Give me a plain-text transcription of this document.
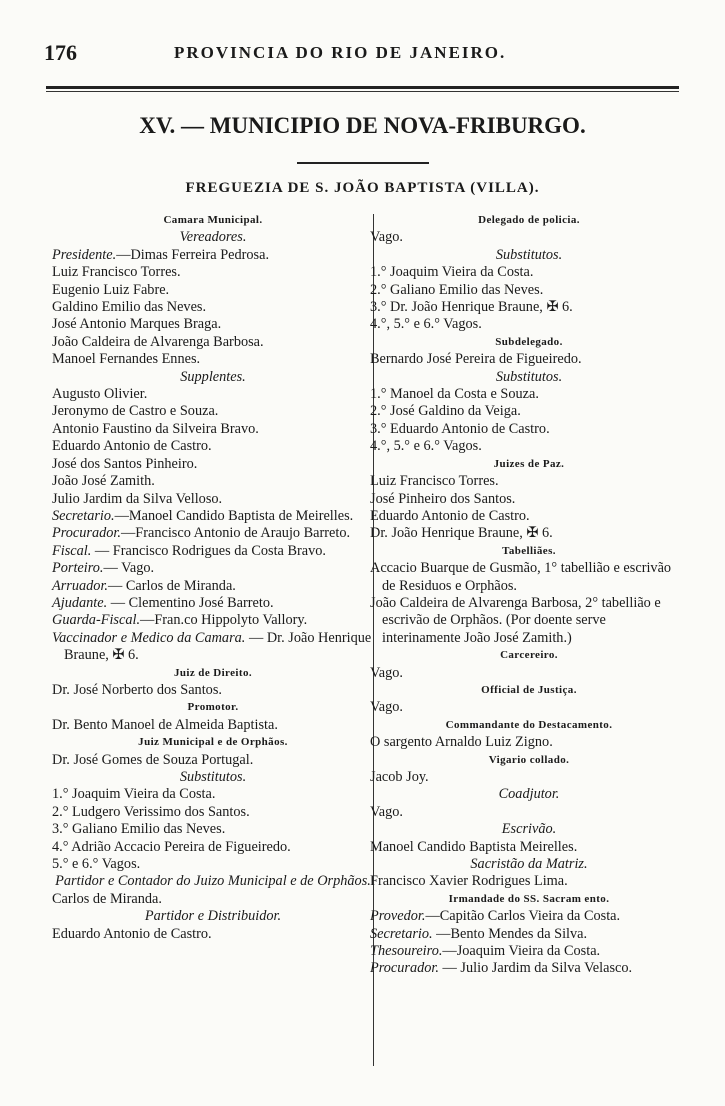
176	PROVINCIA DO RIO DE JANEIRO.
XV. — MUNICIPIO DE NOVA-FRIBURGO.
FREGUEZIA DE S. JOÃO BAPTISTA (VILLA).
Camara Municipal.
Vereadores.
Presidente.—Dimas Ferreira Pedrosa.
Luiz Francisco Torres.
Eugenio Luiz Fabre.
Galdino Emilio das Neves.
José Antonio Marques Braga.
João Caldeira de Alvarenga Barbosa.
Manoel Fernandes Ennes.
Supplentes.
Augusto Olivier.
Jeronymo de Castro e Souza.
Antonio Faustino da Silveira Bravo.
Eduardo Antonio de Castro.
José dos Santos Pinheiro.
João José Zamith.
Julio Jardim da Silva Velloso.
Secretario.—Manoel Candido Baptista de Meirelles.
Procurador.—Francisco Antonio de Araujo Barreto.
Fiscal. — Francisco Rodrigues da Costa Bravo.
Porteiro.— Vago.
Arruador.— Carlos de Miranda.
Ajudante. — Clementino José Barreto.
Guarda-Fiscal.—Fran.co Hippolyto Vallory.
Vaccinador e Medico da Camara. — Dr. João Henrique Braune, ✠ 6.
Juiz de Direito.
Dr. José Norberto dos Santos.
Promotor.
Dr. Bento Manoel de Almeida Baptista.
Juiz Municipal e de Orphãos.
Dr. José Gomes de Souza Portugal.
Substitutos.
1.° Joaquim Vieira da Costa.
2.° Ludgero Verissimo dos Santos.
3.° Galiano Emilio das Neves.
4.° Adrião Accacio Pereira de Figueiredo.
5.° e 6.° Vagos.
Partidor e Contador do Juizo Municipal e de Orphãos.
Carlos de Miranda.
Partidor e Distribuidor.
Eduardo Antonio de Castro.
Delegado de policia.
Vago.
Substitutos.
1.° Joaquim Vieira da Costa.
2.° Galiano Emilio das Neves.
3.° Dr. João Henrique Braune, ✠ 6.
4.°, 5.° e 6.° Vagos.
Subdelegado.
Bernardo José Pereira de Figueiredo.
Substitutos.
1.° Manoel da Costa e Souza.
2.° José Galdino da Veiga.
3.° Eduardo Antonio de Castro.
4.°, 5.° e 6.° Vagos.
Juizes de Paz.
Luiz Francisco Torres.
José Pinheiro dos Santos.
Eduardo Antonio de Castro.
Dr. João Henrique Braune, ✠ 6.
Tabelliães.
Accacio Buarque de Gusmão, 1° tabellião e escrivão de Residuos e Orphãos.
João Caldeira de Alvarenga Barbosa, 2° tabellião e escrivão de Orphãos. (Por doente serve interinamente João José Zamith.)
Carcereiro.
Vago.
Official de Justiça.
Vago.
Commandante do Destacamento.
O sargento Arnaldo Luiz Zigno.
Vigario collado.
Jacob Joy.
Coadjutor.
Vago.
Escrivão.
Manoel Candido Baptista Meirelles.
Sacristão da Matriz.
Francisco Xavier Rodrigues Lima.
Irmandade do SS. Sacram ento.
Provedor.—Capitão Carlos Vieira da Costa.
Secretario. —Bento Mendes da Silva.
Thesoureiro.—Joaquim Vieira da Costa.
Procurador. — Julio Jardim da Silva Velasco.
